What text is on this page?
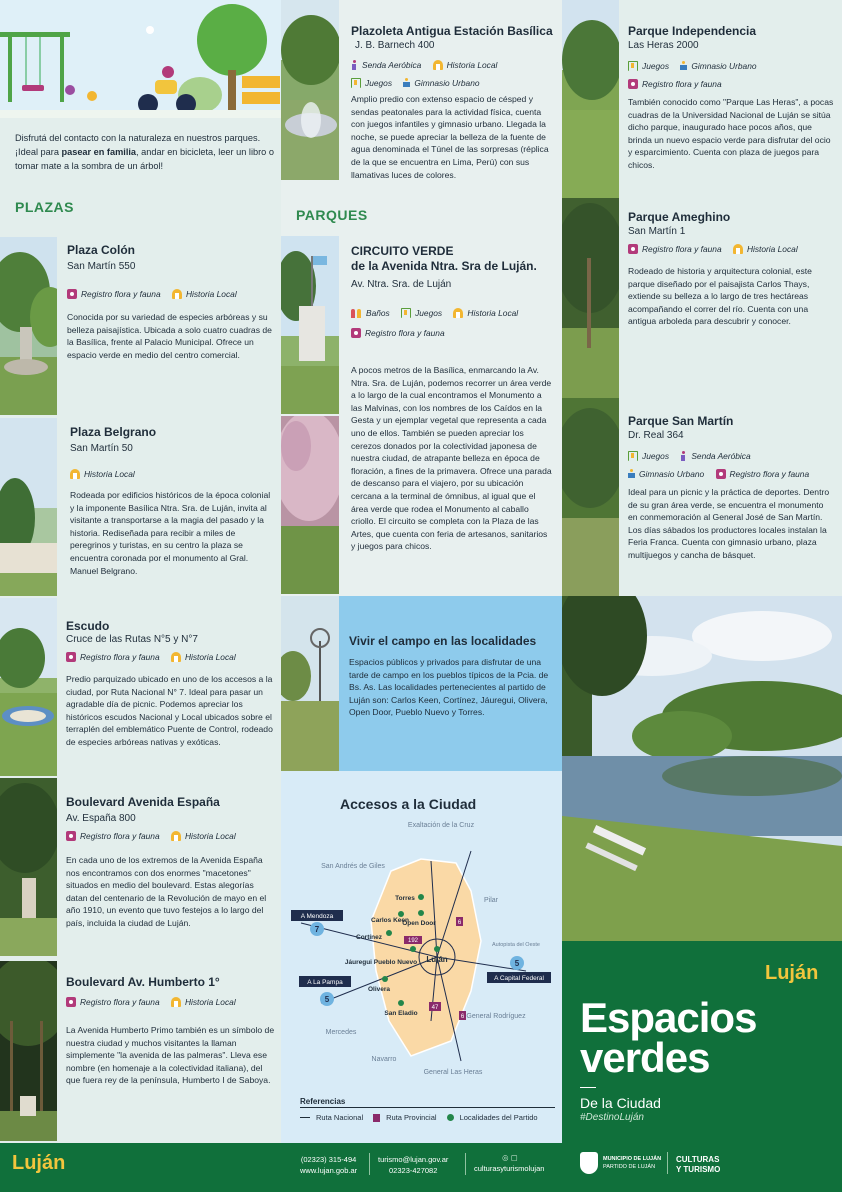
Disfrutá del contacto con la naturaleza en nuestros parques. ¡Ideal para pasear en familia, andar en bicicleta, leer un libro o tomar mate a la sombra de un árbol!
PLAZAS
Plaza Colón
San Martín 550
Registro flora y fauna
	Historia Local
Conocida por su variedad de especies arbóreas y su belleza paisajística. Ubicada a solo cuatro cuadras de la Basílica, frente al Palacio Municipal. Ofrece un espacio verde en medio del centro comercial.
Plaza Belgrano
San Martín 50
Historia Local
Rodeada por edificios históricos de la época colonial y la imponente Basílica Ntra. Sra. de Luján, invita al visitante a transportarse a la magia del pasado y la historia. Rediseñada para recibir a miles de peregrinos y turistas, en su centro la plaza se encuentra coronada por el monumento al Gral. Manuel Belgrano.
Escudo
Cruce de las Rutas N°5 y N°7
Registro flora y fauna
	Historia Local
Predio parquizado ubicado en uno de los accesos a la ciudad, por Ruta Nacional N° 7. Ideal para pasar un agradable día de picnic. Podemos apreciar los históricos escudos Nacional y Local ubicados sobre el terraplén del emblemático Puente de Control, rodeado de especies arbóreas nativas y exóticas.
Boulevard Avenida España
Av. España 800
Registro flora y fauna
	Historia Local
En cada uno de los extremos de la Avenida España nos encontramos con dos enormes "macetones" situados en medio del boulevard. Estas alegorías datan del centenario de la Revolución de mayo en el año 1910, un evento que tuvo festejos a lo largo del país, incluida la ciudad de Luján.
Boulevard Av. Humberto 1°
Registro flora y fauna
	Historia Local
La Avenida Humberto Primo también es un símbolo de nuestra ciudad y muchos visitantes la llaman simplemente "la avenida de las palmeras". Lleva ese nombre (en homenaje a la colectividad italiana), del que fuera rey de la península, Humberto I de Saboya.
Plazoleta Antigua Estación Basílica
J. B. Barnech 400
Senda Aeróbica
	Historia Local

Juegos
	Gimnasio Urbano
Amplio predio con extenso espacio de césped y sendas peatonales para la actividad física, cuenta con juegos infantiles y gimnasio urbano. Llegada la noche, se puede apreciar la belleza de la fuente de agua denominada el Túnel de las sorpresas (réplica de la que se encuentra en Lima, Perú) con sus llamativas luces de colores.
PARQUES
CIRCUITO VERDE
de la Avenida Ntra. Sra de Luján.
Av. Ntra. Sra. de Luján
Baños
	Juegos
	Historia Local

Registro flora y fauna
A pocos metros de la Basílica, enmarcando la Av. Ntra. Sra. de Luján, podemos recorrer un área verde a lo largo de la cual encontramos el Monumento a las Malvinas, con los nombres de los Caídos en la Gesta y un ejemplar vegetal que representa a cada uno de ellos. También se pueden apreciar los cerezos donados por la colectividad japonesa de nuestra ciudad, de atrapante belleza en época de floración, a fines de la primavera. Ofrece una parada de descanso para el viajero, por su ubicación cercana a la terminal de ómnibus, al igual que el área verde que rodea el Monumento al caballo criollo. El circuito se completa con la Plaza de las Artes, que cuenta con feria de artesanos, sanitarios y juegos para chicos.
Vivir el campo en las localidades
Espacios públicos y privados para disfrutar de una tarde de campo en los pueblos típicos de la Pcia. de Bs. As. Las localidades pertenecientes al partido de Luján son: Carlos Keen, Cortínez, Jáuregui, Olivera, Open Door, Pueblo Nuevo y Torres.
Accesos a la Ciudad
6
192
47
6
7
5
5
A Mendoza
A La Pampa
A Capital Federal
Exaltación de la Cruz
San Andrés de Giles
Pilar
Autopista del Oeste
Mercedes
Navarro
General Rodríguez
General Las Heras
Torres
Carlos Keen
Open Door
Cortínez
Jáuregui Pueblo Nuevo Luján
Olivera
San Eladio
Referencias
Ruta Nacional	Ruta Provincial	Localidades del Partido
Parque Independencia
Las Heras 2000
Juegos
	Gimnasio Urbano

Registro flora y fauna
También conocido como "Parque Las Heras", a pocas cuadras de la Universidad Nacional de Luján se sitúa dicho parque, inaugurado hace pocos años, que brinda un nuevo espacio verde para disfrutar del ocio y esparcimiento. Cuenta con plaza de juegos para chicos.
Parque Ameghino
San Martín 1
Registro flora y fauna
	Historia Local
Rodeado de historia y arquitectura colonial, este parque diseñado por el paisajista Carlos Thays, extiende su belleza a lo largo de tres hectáreas acompañando el correr del río. Cuenta con una antigua arboleda para descubrir y conocer.
Parque San Martín
Dr. Real 364
Juegos
	Senda Aeróbica

Gimnasio Urbano
	Registro flora y fauna
Ideal para un picnic y la práctica de deportes. Dentro de su gran área verde, se encuentra el monumento en conmemoración al General José de San Martín. Los días sábados los productores locales instalan la Feria Franca. Cuenta con gimnasio urbano, plaza multijuegos y cancha de básquet.
Luján
Espacios
verdes
De la Ciudad
#DestinoLuján
Luján	(02323) 315-494
www.lujan.gob.ar
turismo@lujan.gov.ar
02323-427082
◎ ▢
culturasyturismolujan
MUNICIPIO DE LUJÁN
PARTIDO DE LUJÁN
CULTURAS
Y TURISMO
